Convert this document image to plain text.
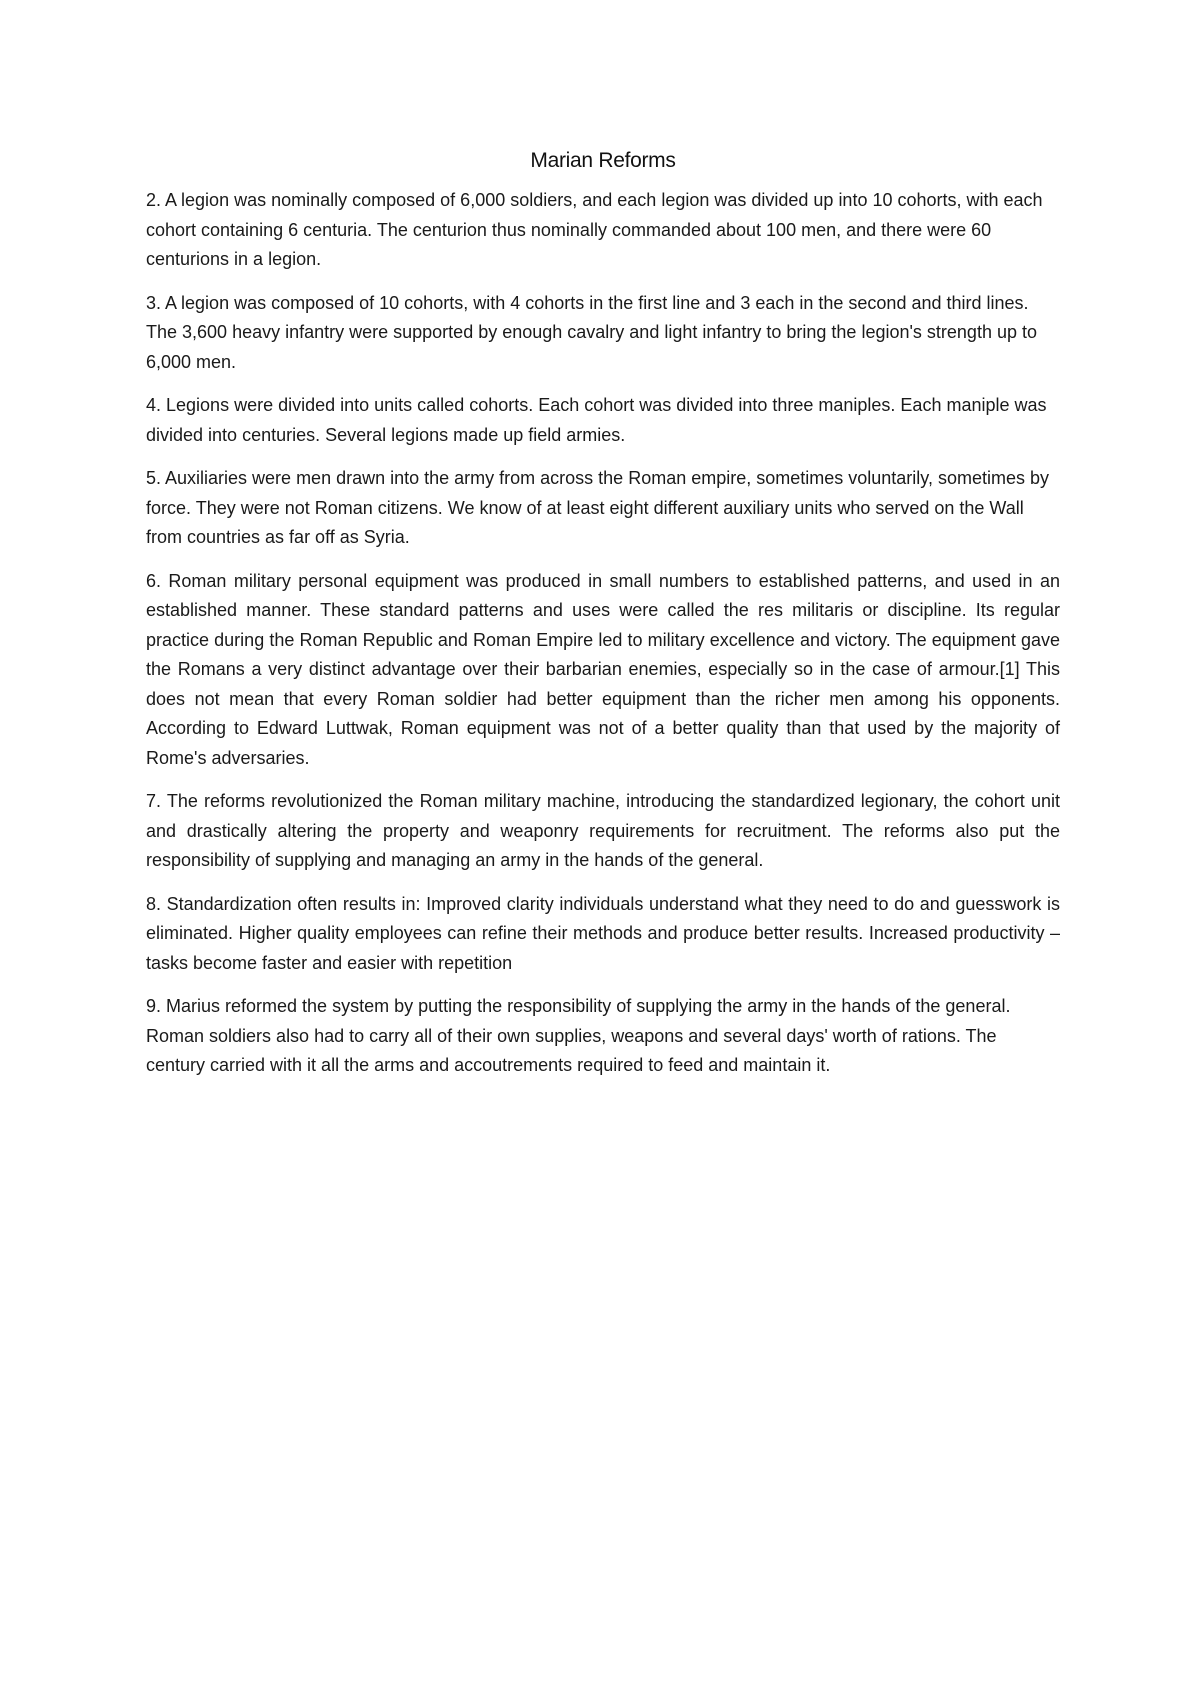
Marian Reforms

2. A legion was nominally composed of 6,000 soldiers, and each legion was divided up into 10 cohorts, with each cohort containing 6 centuria. The centurion thus nominally commanded about 100 men, and there were 60 centurions in a legion.

3. A legion was composed of 10 cohorts, with 4 cohorts in the first line and 3 each in the second and third lines. The 3,600 heavy infantry were supported by enough cavalry and light infantry to bring the legion's strength up to 6,000 men.

4. Legions were divided into units called cohorts. Each cohort was divided into three maniples. Each maniple was divided into centuries. Several legions made up field armies.

5. Auxiliaries were men drawn into the army from across the Roman empire, sometimes voluntarily, sometimes by force. They were not Roman citizens. We know of at least eight different auxiliary units who served on the Wall from countries as far off as Syria.

6. Roman military personal equipment was produced in small numbers to established patterns, and used in an established manner. These standard patterns and uses were called the res militaris or discipline. Its regular practice during the Roman Republic and Roman Empire led to military excellence and victory. The equipment gave the Romans a very distinct advantage over their barbarian enemies, especially so in the case of armour.[1] This does not mean that every Roman soldier had better equipment than the richer men among his opponents. According to Edward Luttwak, Roman equipment was not of a better quality than that used by the majority of Rome's adversaries.

7. The reforms revolutionized the Roman military machine, introducing the standardized legionary, the cohort unit and drastically altering the property and weaponry requirements for recruitment. The reforms also put the responsibility of supplying and managing an army in the hands of the general.

8. Standardization often results in: Improved clarity individuals understand what they need to do and guesswork is eliminated. Higher quality employees can refine their methods and produce better results. Increased productivity – tasks become faster and easier with repetition

9. Marius reformed the system by putting the responsibility of supplying the army in the hands of the general. Roman soldiers also had to carry all of their own supplies, weapons and several days' worth of rations. The century carried with it all the arms and accoutrements required to feed and maintain it.
